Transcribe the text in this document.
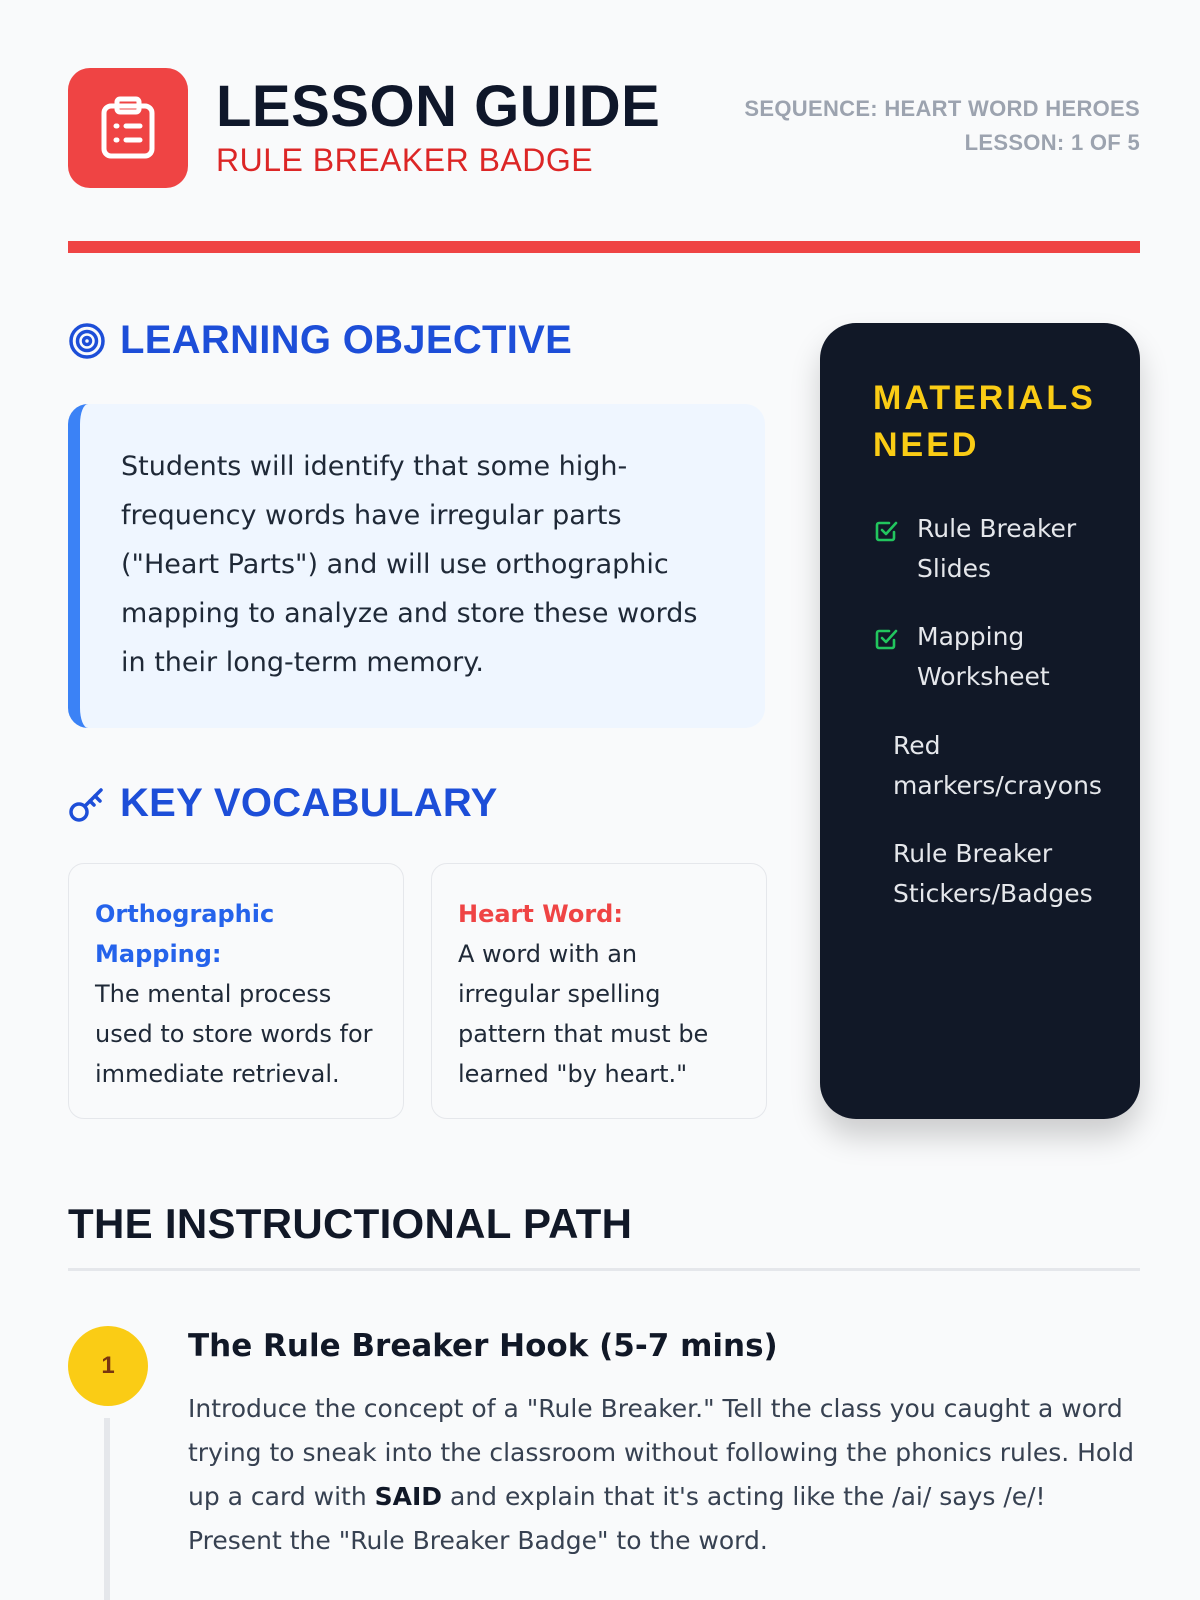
LESSON GUIDE
RULE BREAKER BADGE
SEQUENCE: HEART WORD HEROES
LESSON: 1 OF 5
LEARNING OBJECTIVE

Students will identify that some high-frequency words have irregular parts ("Heart Parts") and will use orthographic mapping to analyze and store these words in their long-term memory.

KEY VOCABULARY
Orthographic Mapping:
The mental process used to store words for immediate retrieval.
Heart Word:
A word with an irregular spelling pattern that must be learned "by heart."
MATERIALS NEED
Rule Breaker Slides
Mapping Worksheet
Red markers/crayons
Rule Breaker Stickers/Badges
THE INSTRUCTIONAL PATH
1
The Rule Breaker Hook (5-7 mins)

Introduce the concept of a "Rule Breaker." Tell the class you caught a word trying to sneak into the classroom without following the phonics rules. Hold up a card with SAID and explain that it's acting like the /ai/ says /e/! Present the "Rule Breaker Badge" to the word.
